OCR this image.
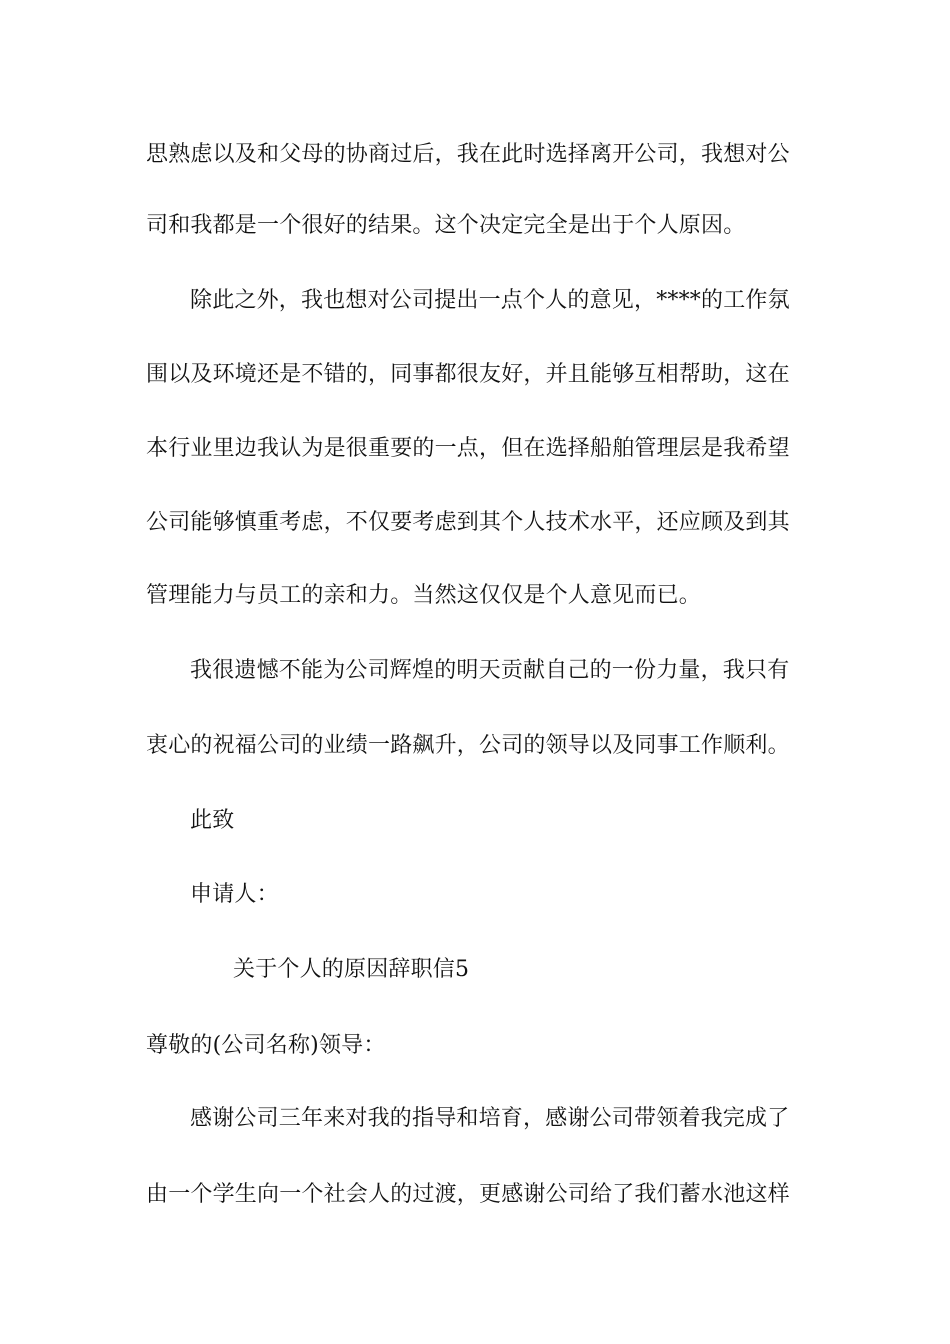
思熟虑以及和父母的协商过后，我在此时选择离开公司，我想对公
司和我都是一个很好的结果。这个决定完全是出于个人原因。
除此之外，我也想对公司提出一点个人的意见，****的工作氛
围以及环境还是不错的，同事都很友好，并且能够互相帮助，这在
本行业里边我认为是很重要的一点，但在选择船舶管理层是我希望
公司能够慎重考虑，不仅要考虑到其个人技术水平，还应顾及到其
管理能力与员工的亲和力。当然这仅仅是个人意见而已。
我很遗憾不能为公司辉煌的明天贡献自己的一份力量，我只有
衷心的祝福公司的业绩一路飙升，公司的领导以及同事工作顺利。
此致
申请人：
关于个人的原因辞职信5
尊敬的(公司名称)领导：
感谢公司三年来对我的指导和培育，感谢公司带领着我完成了
由一个学生向一个社会人的过渡，更感谢公司给了我们蓄水池这样
